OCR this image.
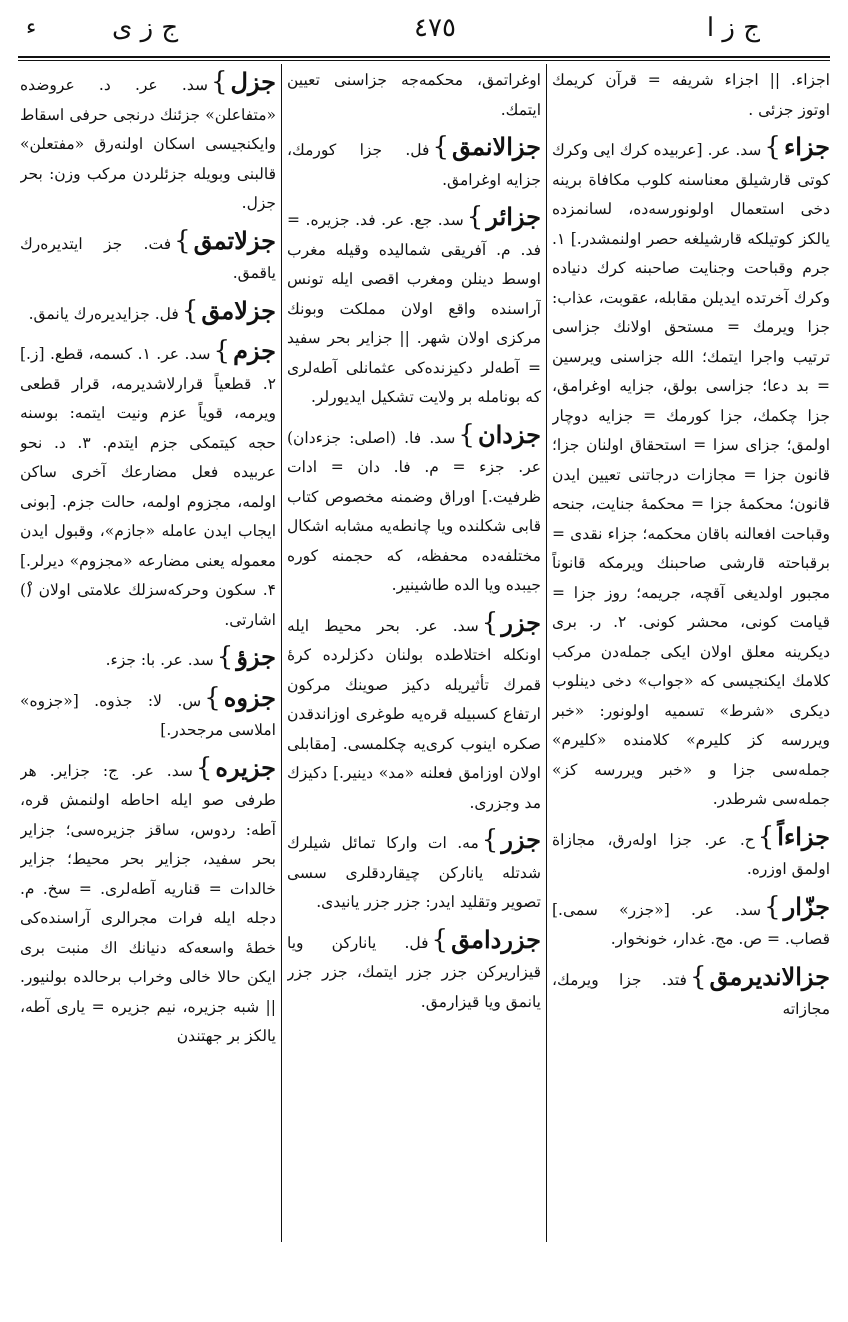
ج ز ا
٤٧٥
ج ز ى
ء

اجزاء. || اجزاء شریفه = قرآن کریمك اوتوز جزئی .

جزاء}سد. عر. [عربیده کرك ایی وکرك کوتی قارشیلق معناسنه کلوب مکافاة برینه دخی استعمال اولونورسه‌ده، لسانمزده یالکز کوتیلکه قارشیلغه حصر اولنمشدر.] ۱. جرم وقباحت وجنایت صاحبنه کرك دنیاده وکرك آخرتده ایدیلن مقابله، عقوبت، عذاب: جزا ویرمك = مستحق اولانك جزاسی ترتیب واجرا ایتمك؛ الله جزاسنی ویرسین = بد دعا؛ جزاسی بولق، جزایه اوغرامق، جزا چکمك، جزا کورمك = جزایه دوچار اولمق؛ جزای سزا = استحقاق اولنان جزا؛ قانون جزا = مجازات درجاتنی تعیین ایدن قانون؛ محکمهٔ جزا = محکمهٔ جنایت، جنحه وقباحت افعالنه باقان محکمه؛ جزاء نقدی = برقباحته قارشی صاحبنك ویرمکه قانوناً مجبور اولدیغی آقچه، جریمه؛ روز جزا = قیامت کونی، محشر کونی. ۲. ر. بری دیکرینه معلق اولان ایکی جمله‌دن مرکب کلامك ایکنجیسی که «جواب» دخی دینلوب دیکری «شرط» تسمیه اولونور: «خبر ویررسه کز کلیرم» کلامنده «کلیرم» جمله‌سی جزا و «خبر ویررسه کز» جمله‌سی شرطدر.

جزاءاً}ح. عر. جزا اوله‌رق، مجازاة اولمق اوزره.

جزّار}سد. عر. [«جزر» سمی.] قصاب. = ص. مج. غدار، خونخوار.

جزالاندیرمق}فتد. جزا ویرمك، مجازاته

اوغراتمق، محکمه‌جه جزاسنی تعیین ایتمك.

جزالانمق}فل. جزا کورمك، جزایه اوغرامق.

جزائر}سد. جع. عر. فد. جزیره. = فد. م. آفریقی شمالیده وقیله مغرب اوسط دینلن ومغرب اقصی ایله تونس آراسنده واقع اولان مملکت وبونك مرکزی اولان شهر. || جزایر بحر سفید = آطه‌لر دکیزنده‌کی عثمانلی آطه‌لری که بونامله بر ولایت تشکیل ایدیورلر.

جزدان}سد. فا. (اصلی: جزء‌دان) عر. جزء = م. فا. دان = ادات ظرفیت.] اوراق وضمنه مخصوص کتاب قابی شکلنده ویا چانطه‌یه مشابه اشکال مختلفه‌ده محفظه، که حجمنه کوره جیبده ویا الده طاشینیر.

جزر}سد. عر. بحر محیط ایله اونکله اختلاطده بولنان دکزلرده کرهٔ قمرك تأثیریله دکیز صوینك مرکون ارتفاع کسبیله قره‌یه طوغری اوزاندقدن صکره اینوب کری‌یه چکلمسی. [مقابلی اولان اوزامق فعلنه «مد» دینیر.] دکیزك مد وجزری.

جزر}مه. ات وارکا تمائل شیلرك شدتله یانارکن چیقاردقلری سسی تصویر وتقلید ایدر: جزر جزر یانیدی.

جزردامق}فل. یانارکن ویا قیزاریرکن جزر جزر ایتمك، جزر جزر یانمق ویا قیزارمق.

جزل}سد. عر. د. عروضده «متفاعلن» جزئنك درنجی حرفی اسقاط وایکنجیسی اسکان اولنه‌رق «مفتعلن» قالبنی وبویله جزئلردن مرکب وزن: بحر جزل.

جزلاتمق}فت. جز ایتدیره‌رك یاقمق.

جزلامق}فل. جزایدیره‌رك یانمق.

جزم}سد. عر. ۱. کسمه، قطع. [ز.] ۲. قطعیاً قرارلاشدیرمه، قرار قطعی ویرمه، قویاً عزم ونیت ایتمه: بوسنه حجه کیتمکی جزم ایتدم. ۳. د. نحو عربیده فعل مضارعك آخری ساکن اولمه، مجزوم اولمه، حالت جزم. [بونی ایجاب ایدن عامله «جازم»، وقبول ایدن معموله یعنی مضارعه «مجزوم» دیرلر.] ۴. سکون وحرکه‌سزلك علامتی اولان (ْ) اشارتی.

جزؤ}سد. عر. با: جزء.

جزوه}س. لا: جذوه. [«جزوه» املاسی مرجحدر.]

جزیره}سد. عر. ج: جزایر. هر طرفی صو ایله احاطه اولنمش قره، آطه: ردوس، ساقز جزیره‌سی؛ جزایر بحر سفید، جزایر بحر محیط؛ جزایر خالدات = قناریه آطه‌لری. = سخ. م. دجله ایله فرات مجرالری آراسنده‌کی خطهٔ واسعه‌که دنیانك اك منبت بری ایکن حالا خالی وخراب برحالده بولنیور. || شبه جزیره، نیم جزیره = یاری آطه، یالکز بر جهتندن
